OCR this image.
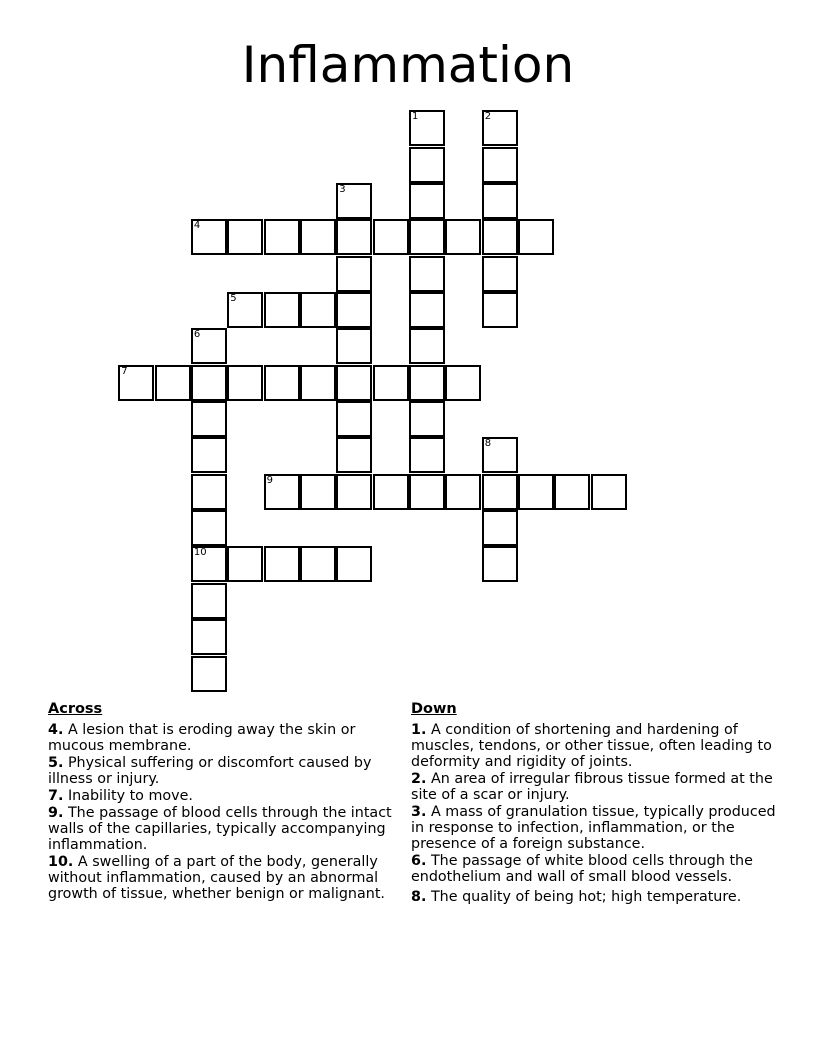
Inflammation
1	2
3
4
5
6
7
8
9
10
Across
4. A lesion that is eroding away the skin or mucous membrane.
5. Physical suffering or discomfort caused by illness or injury.
7. Inability to move.
9. The passage of blood cells through the intact walls of the capillaries, typically accompanying inflammation.
10. A swelling of a part of the body, generally without inflammation, caused by an abnormal growth of tissue, whether benign or malignant.
Down
1. A condition of shortening and hardening of muscles, tendons, or other tissue, often leading to deformity and rigidity of joints.
2. An area of irregular fibrous tissue formed at the site of a scar or injury.
3. A mass of granulation tissue, typically produced in response to infection, inflammation, or the presence of a foreign substance.
6. The passage of white blood cells through the endothelium and wall of small blood vessels.
8. The quality of being hot; high temperature.
